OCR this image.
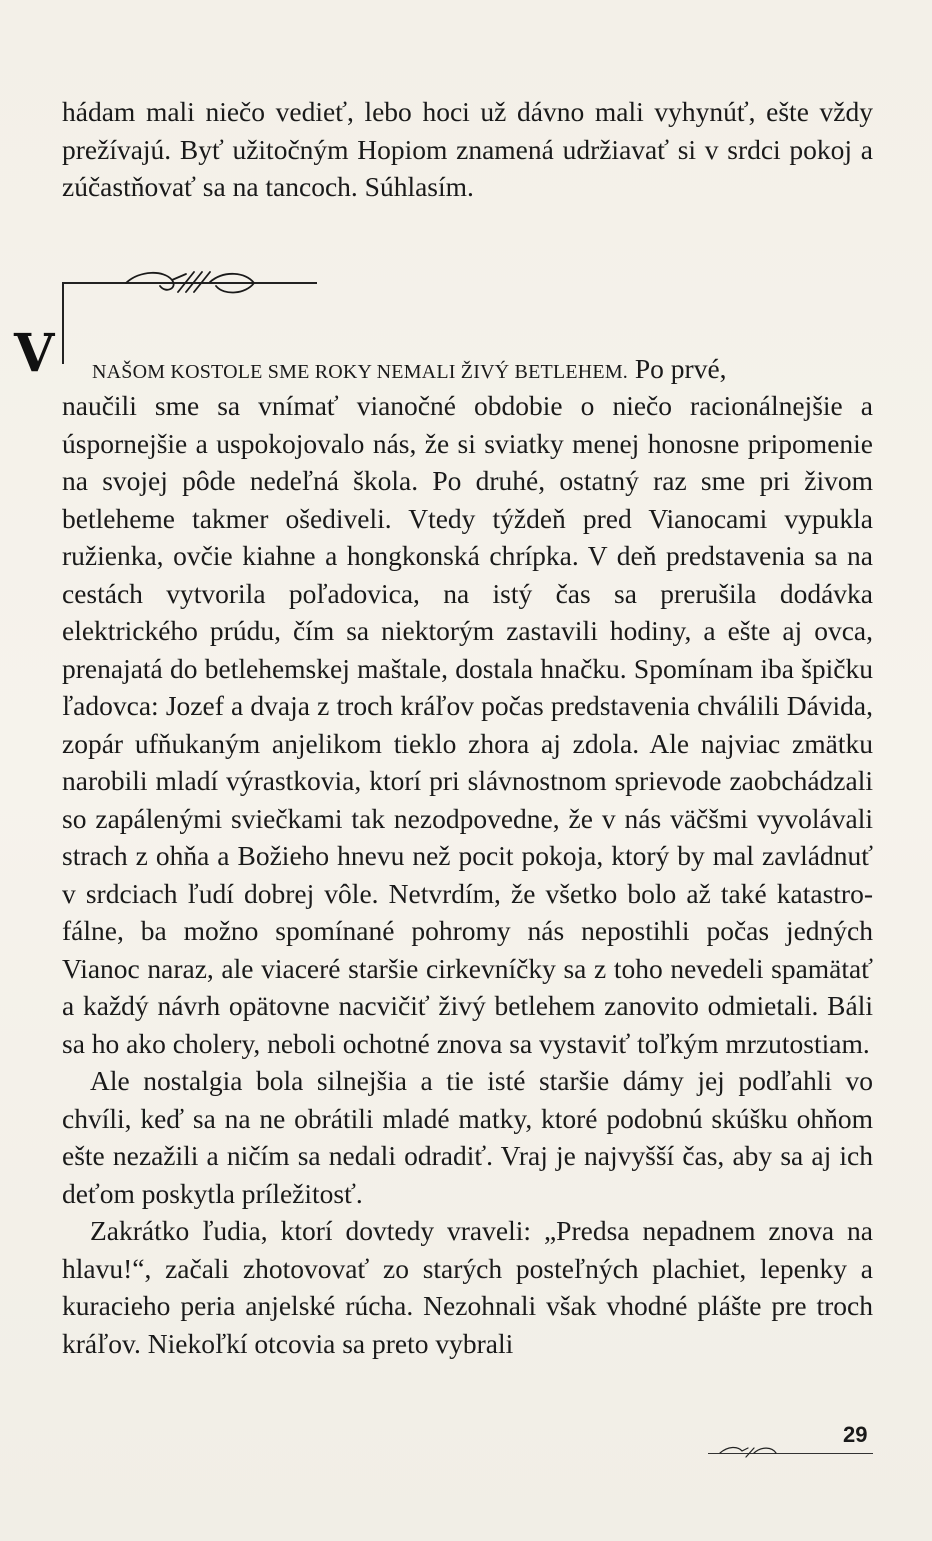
hádam mali niečo vedieť, lebo hoci už dávno mali vyhynúť, ešte vždy prežívajú. Byť užitočným Hopiom znamená udržiavať si v srdci pokoj a zúčastňovať sa na tancoch. Súhlasím.

V	NAŠOM KOSTOLE SME ROKY NEMALI ŽIVÝ BETLEHEM. Po prvé,

naučili sme sa vnímať vianočné obdobie o niečo racionálnejšie a úspornejšie a uspokojovalo nás, že si sviatky menej honosne pripomenie na svojej pôde nedeľná škola. Po druhé, ostatný raz sme pri živom betleheme takmer ošediveli. Vtedy týždeň pred Vianocami vypukla ružienka, ovčie kiahne a hongkonská chrípka. V deň predstavenia sa na cestách vytvorila poľadovica, na istý čas sa prerušila dodávka elektrického prúdu, čím sa niektorým zastavili hodiny, a ešte aj ovca, prenajatá do betlehemskej maštale, dostala hnačku. Spomínam iba špičku ľadovca: Jozef a dvaja z troch kráľov počas predstavenia chválili Dávida, zopár ufňukaným anjelikom tieklo zhora aj zdola. Ale najviac zmätku narobili mladí výrastkovia, ktorí pri slávnostnom sprievode zaobchádzali so zapálenými sviečkami tak nezodpovedne, že v nás väčšmi vyvolávali strach z ohňa a Božieho hnevu než pocit pokoja, ktorý by mal zavládnuť v srdciach ľudí dobrej vôle. Netvrdím, že všetko bolo až také katastrofálne, ba možno spomínané pohromy nás nepostihli počas jedných Vianoc naraz, ale viaceré staršie cirkevníčky sa z toho nevedeli spamätať a každý návrh opätovne nacvičiť živý betlehem zanovito odmietali. Báli sa ho ako cholery, neboli ochotné znova sa vystaviť toľkým mrzutostiam.

Ale nostalgia bola silnejšia a tie isté staršie dámy jej podľahli vo chvíli, keď sa na ne obrátili mladé matky, ktoré podobnú skúšku ohňom ešte nezažili a ničím sa nedali odradiť. Vraj je najvyšší čas, aby sa aj ich deťom poskytla príležitosť.

Zakrátko ľudia, ktorí dovtedy vraveli: „Predsa nepadnem znova na hlavu!“, začali zhotovovať zo starých posteľných plachiet, lepenky a kuracieho peria anjelské rúcha. Nezohnali však vhodné plášte pre troch kráľov. Niekoľkí otcovia sa preto vybrali

29
